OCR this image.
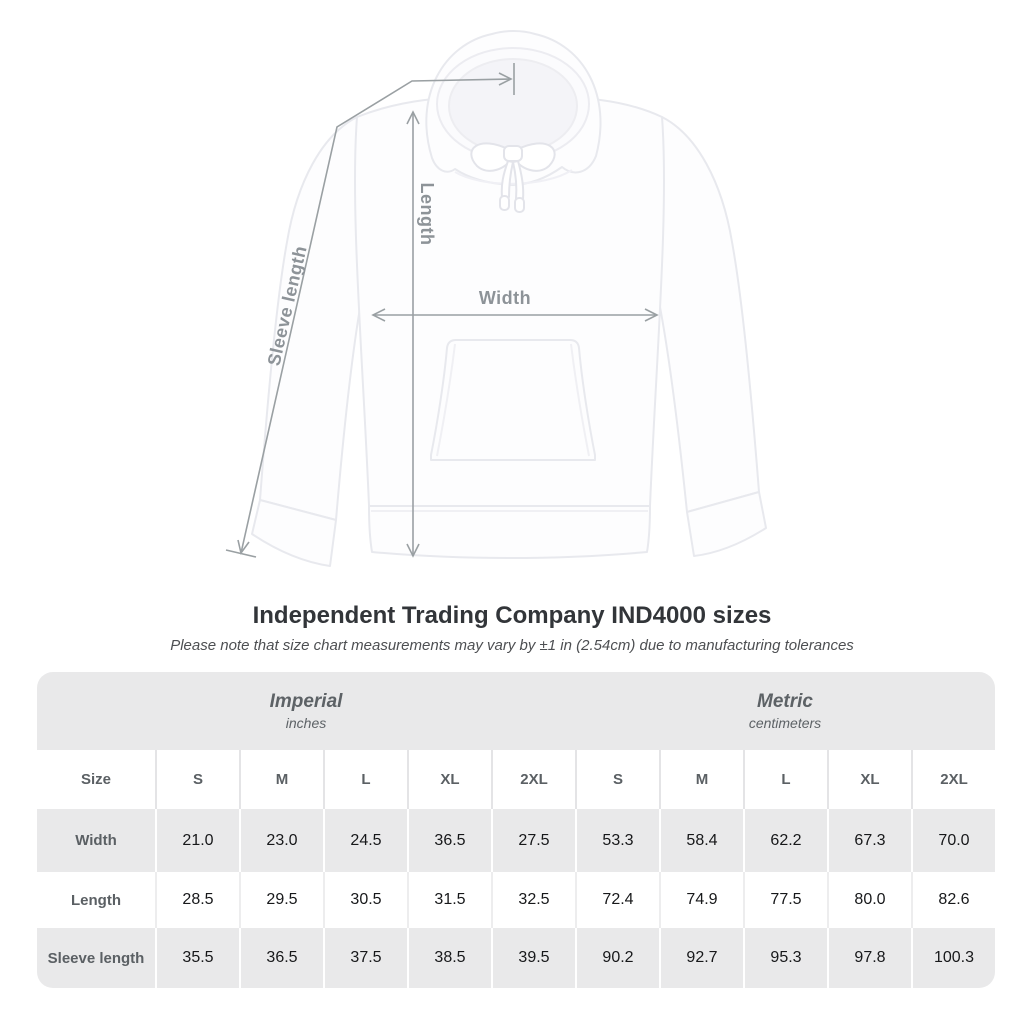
Width
Length
Sleeve length
Independent Trading Company IND4000 sizes
Please note that size chart measurements may vary by ±1 in (2.54cm) due to manufacturing tolerances
Imperial
inches
Metric
centimeters
Size	S	M	L	XL	2XL	S	M	L	XL	2XL
Width	21.0	23.0	24.5	36.5	27.5	53.3	58.4	62.2	67.3	70.0
Length	28.5	29.5	30.5	31.5	32.5	72.4	74.9	77.5	80.0	82.6
Sleeve length	35.5	36.5	37.5	38.5	39.5	90.2	92.7	95.3	97.8	100.3
